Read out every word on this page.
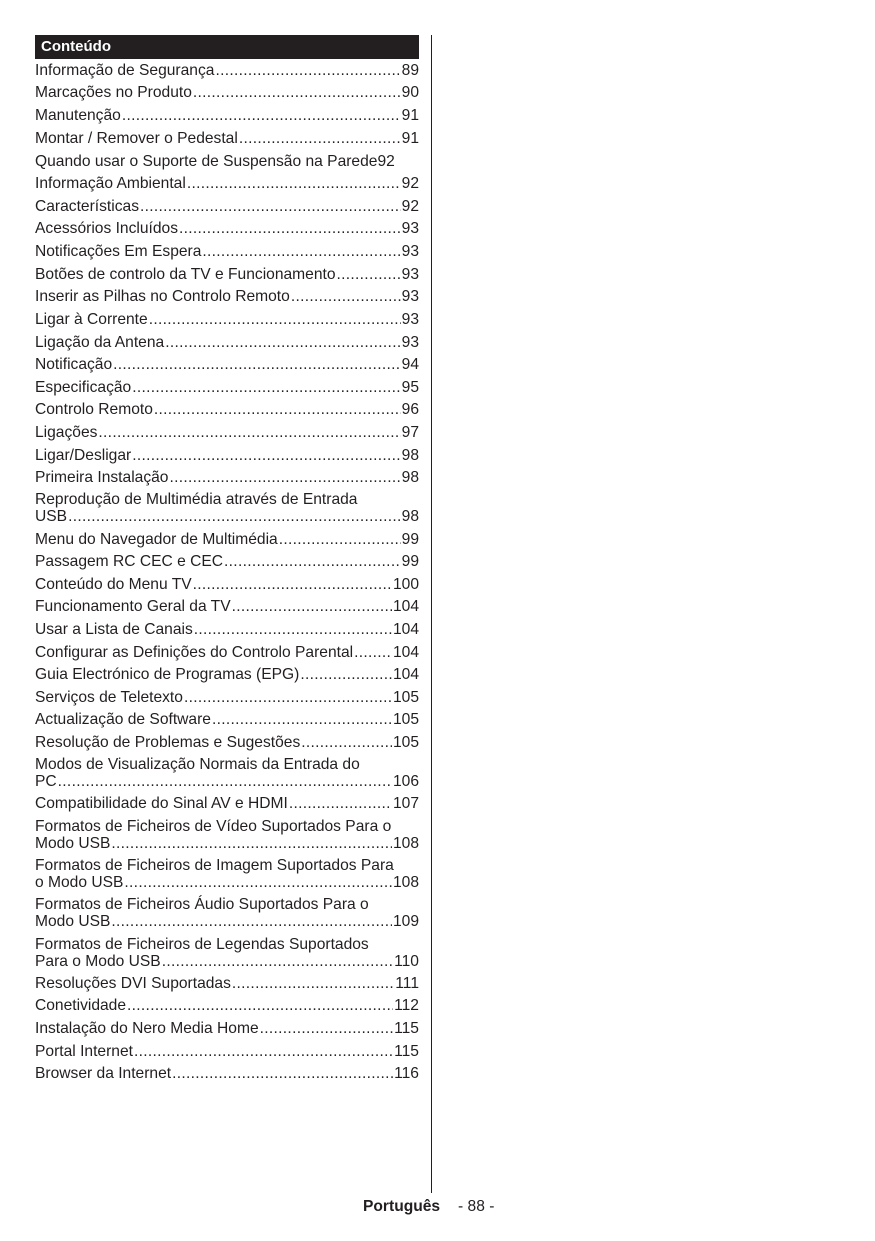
Conteúdo
Informação de Segurança .....	89
Marcações no Produto .....	90
Manutenção .....	91
Montar / Remover o Pedestal .....	91
Quando usar o Suporte de Suspensão na Parede 92
Informação Ambiental .....	92
Características .....	92
Acessórios Incluídos .....	93
Notificações Em Espera .....	93
Botões de controlo da TV e Funcionamento .....	93
Inserir as Pilhas no Controlo Remoto .....	93
Ligar à Corrente .....	93
Ligação da Antena .....	93
Notificação .....	94
Especificação .....	95
Controlo Remoto .....	96
Ligações .....	97
Ligar/Desligar .....	98
Primeira Instalação .....	98
Reprodução de Multimédia através de Entrada
USB .....	98
Menu do Navegador de Multimédia .....	99
Passagem RC CEC e CEC .....	99
Conteúdo do Menu TV .....	100
Funcionamento Geral da TV .....	104
Usar a Lista de Canais .....	104
Configurar as Definições do Controlo Parental .....	104
Guia Electrónico de Programas (EPG) .....	104
Serviços de Teletexto .....	105
Actualização de Software .....	105
Resolução de Problemas e Sugestões .....	105
Modos de Visualização Normais da Entrada do
PC .....	106
Compatibilidade do Sinal AV e HDMI .....	107
Formatos de Ficheiros de Vídeo Suportados Para o
Modo USB .....	108
Formatos de Ficheiros de Imagem Suportados Para
o Modo USB .....	108
Formatos de Ficheiros Áudio Suportados Para o
Modo USB .....	109
Formatos de Ficheiros de Legendas Suportados
Para o Modo USB .....	110
Resoluções DVI Suportadas .....	111
Conetividade .....	112
Instalação do Nero Media Home .....	115
Portal Internet .....	115
Browser da Internet .....	116
Português - 88 -
